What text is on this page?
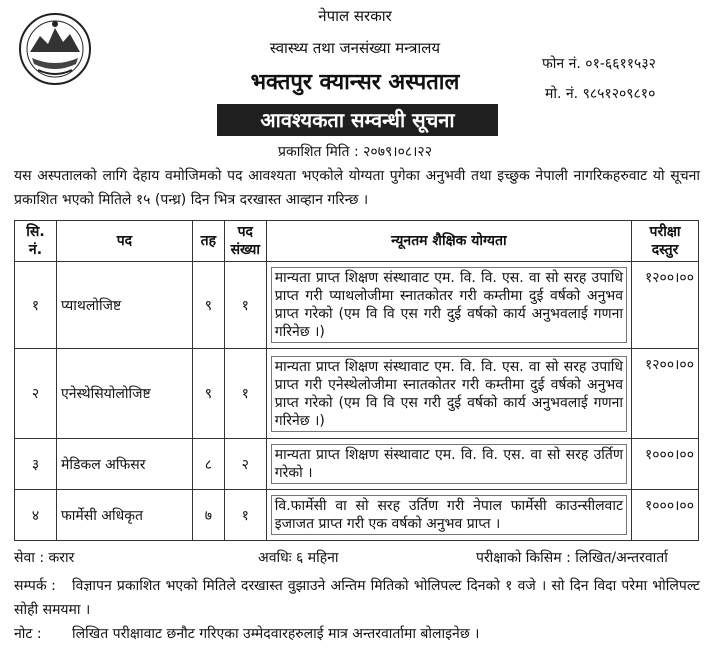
नेपाल सरकार
स्वास्थ्य तथा जनसंख्या मन्त्रालय
भक्तपुर क्यान्सर अस्पताल
फोन नं. ०१-६६११५३२
मो. नं. ९८५१२०९८१०
आवश्यकता सम्वन्धी सूचना
प्रकाशित मिति : २०७९।०८।२२
यस अस्पतालको लागि देहाय वमोजिमको पद आवश्यता भएकोले योग्यता पुगेका अनुभवी तथा इच्छुक नेपाली नागरिकहरुवाट यो सूचना प्रकाशित भएको मितिले १५ (पन्ध्र) दिन भित्र दरखास्त आव्हान गरिन्छ ।
सि. नं.	पद	तह	पद संख्या	न्यूनतम शैक्षिक योग्यता	परीक्षा दस्तुर
१	प्याथलोजिष्ट	९	१	मान्यता प्राप्त शिक्षण संस्थावाट एम. वि. वि. एस. वा सो सरह उपाधि प्राप्त गरी प्याथलोजीमा स्नातकोतर गरी कम्तीमा दुई वर्षको अनुभव प्राप्त गरेको (एम वि वि एस गरी दुई वर्षको कार्य अनुभवलाई गणना गरिनेछ ।)	१२००।००
२	एनेस्थेसियोलोजिष्ट	९	१	मान्यता प्राप्त शिक्षण संस्थावाट एम. वि. वि. एस. वा सो सरह उपाधि प्राप्त गरी एनेस्थेलोजीमा स्नातकोतर गरी कम्तीमा दुई वर्षको अनुभव प्राप्त गरेको (एम वि वि एस गरी दुई वर्षको कार्य अनुभवलाई गणना गरिनेछ ।)	१२००।००
३	मेडिकल अफिसर	८	२	मान्यता प्राप्त शिक्षण संस्थावाट एम. वि. वि. एस. वा सो सरह उर्तिण गरेको ।	१०००।००
४	फार्मेसी अधिकृत	७	१	वि.फार्मेसी वा सो सरह उर्तिण गरी नेपाल फार्मेसी काउन्सीलवाट इजाजत प्राप्त गरी एक वर्षको अनुभव प्राप्त ।	१०००।००
सेवा : करार	अवधिः ६ महिना	परीक्षाको किसिम : लिखित/अन्तरवार्ता
सम्पर्क : विज्ञापन प्रकाशित भएको मितिले दरखास्त वुझाउने अन्तिम मितिको भोलिपल्ट दिनको १ वजे । सो दिन विदा परेमा भोलिपल्ट सोही समयमा ।
नोट : लिखित परीक्षावाट छनौट गरिएका उम्मेदवारहरुलाई मात्र अन्तरवार्तामा बोलाइनेछ ।
